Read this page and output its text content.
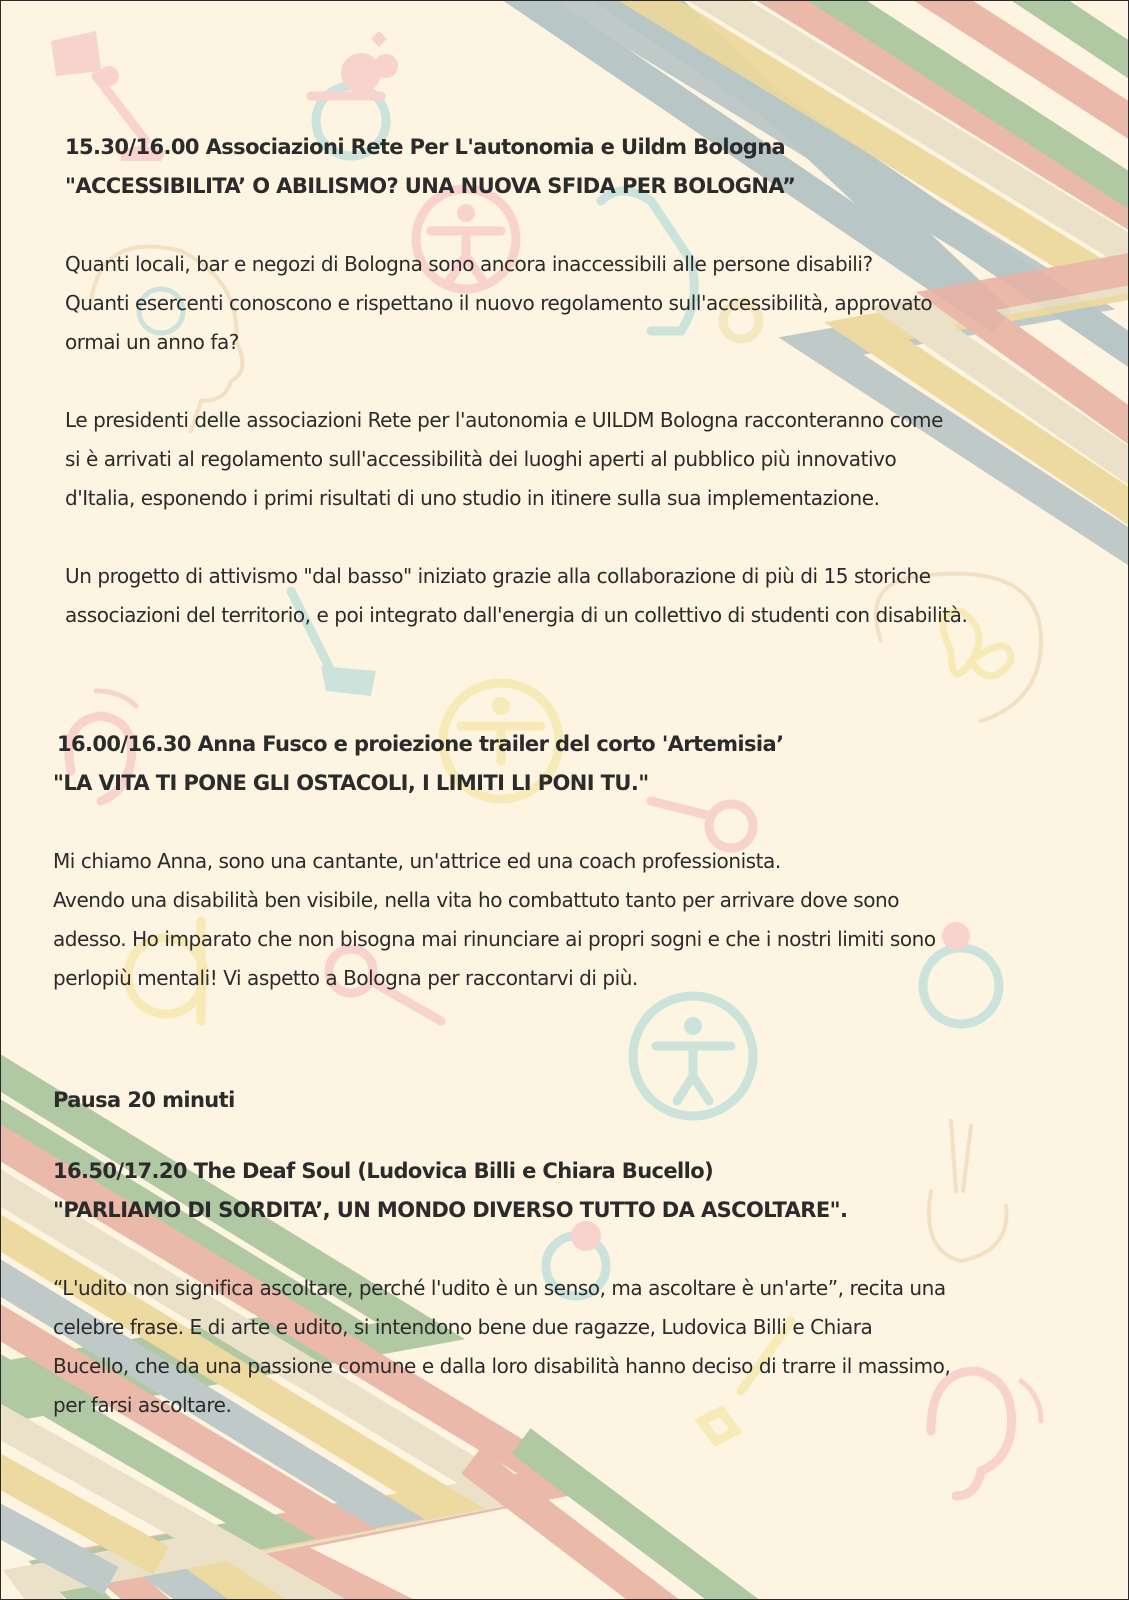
15.30/16.00 Associazioni Rete Per L'autonomia e Uildm Bologna
"ACCESSIBILITA’ O ABILISMO? UNA NUOVA SFIDA PER BOLOGNA”

Quanti locali, bar e negozi di Bologna sono ancora inaccessibili alle persone disabili?
Quanti esercenti conoscono e rispettano il nuovo regolamento sull'accessibilità, approvato
ormai un anno fa?

Le presidenti delle associazioni Rete per l'autonomia e UILDM Bologna racconteranno come
si è arrivati al regolamento sull'accessibilità dei luoghi aperti al pubblico più innovativo
d'Italia, esponendo i primi risultati di uno studio in itinere sulla sua implementazione.

Un progetto di attivismo "dal basso" iniziato grazie alla collaborazione di più di 15 storiche
associazioni del territorio, e poi integrato dall'energia di un collettivo di studenti con disabilità.

16.00/16.30 Anna Fusco e proiezione trailer del corto 'Artemisia’
"LA VITA TI PONE GLI OSTACOLI, I LIMITI LI PONI TU."

Mi chiamo Anna, sono una cantante, un'attrice ed una coach professionista.
Avendo una disabilità ben visibile, nella vita ho combattuto tanto per arrivare dove sono
adesso. Ho imparato che non bisogna mai rinunciare ai propri sogni e che i nostri limiti sono
perlopiù mentali! Vi aspetto a Bologna per raccontarvi di più.

Pausa 20 minuti
16.50/17.20 The Deaf Soul (Ludovica Billi e Chiara Bucello)
"PARLIAMO DI SORDITA’, UN MONDO DIVERSO TUTTO DA ASCOLTARE".

“L'udito non significa ascoltare, perché l'udito è un senso, ma ascoltare è un'arte”, recita una
celebre frase. E di arte e udito, si intendono bene due ragazze, Ludovica Billi e Chiara
Bucello, che da una passione comune e dalla loro disabilità hanno deciso di trarre il massimo,
per farsi ascoltare.
